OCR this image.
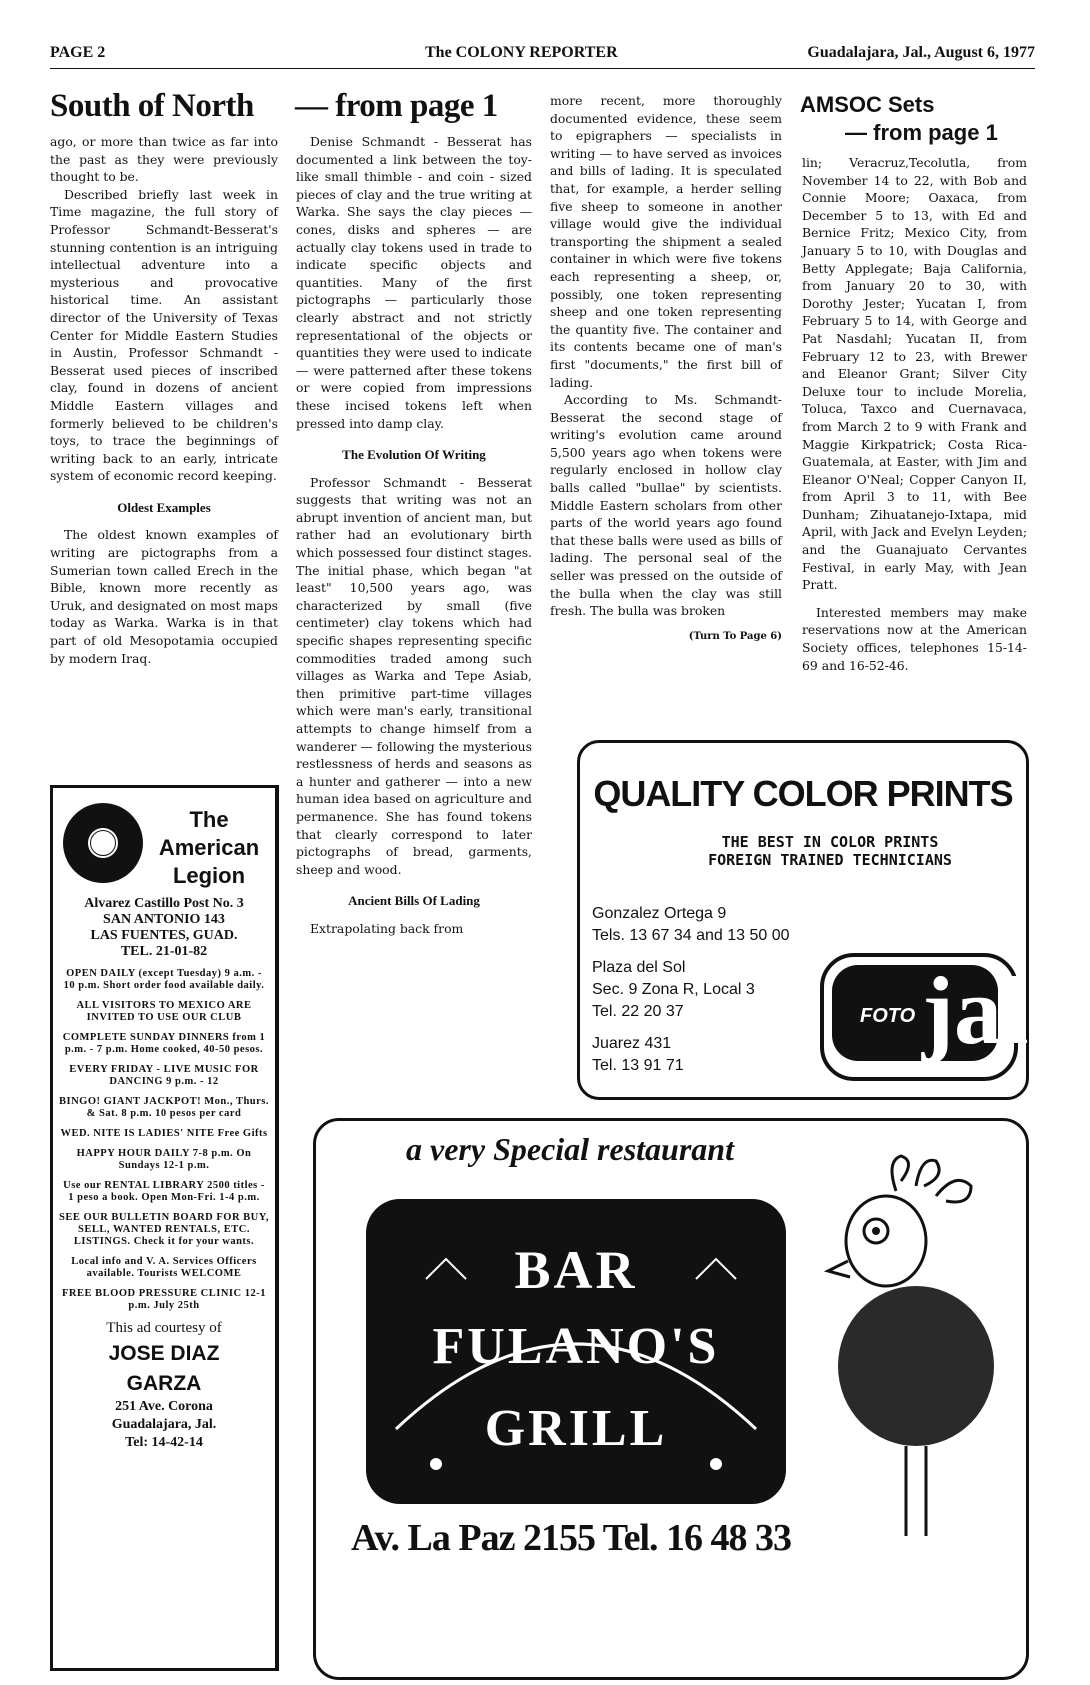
PAGE 2	The COLONY REPORTER	Guadalajara, Jal., August 6, 1977
South of North — from page 1

ago, or more than twice as far into the past as they were previously thought to be.

Described briefly last week in Time magazine, the full story of Professor Schmandt-Besserat's stunning contention is an intriguing intellectual adventure into a mysterious and provocative historical time. An assistant director of the University of Texas Center for Middle Eastern Studies in Austin, Professor Schmandt - Besserat used pieces of inscribed clay, found in dozens of ancient Middle Eastern villages and formerly believed to be children's toys, to trace the beginnings of writing back to an early, intricate system of economic record keeping.

Oldest Examples

The oldest known examples of writing are pictographs from a Sumerian town called Erech in the Bible, known more recently as Uruk, and designated on most maps today as Warka. Warka is in that part of old Mesopotamia occupied by modern Iraq.

Denise Schmandt - Besserat has documented a link between the toy-like small thimble - and coin - sized pieces of clay and the true writing at Warka. She says the clay pieces — cones, disks and spheres — are actually clay tokens used in trade to indicate specific objects and quantities. Many of the first pictographs — particularly those clearly abstract and not strictly representational of the objects or quantities they were used to indicate — were patterned after these tokens or were copied from impressions these incised tokens left when pressed into damp clay.

The Evolution Of Writing

Professor Schmandt - Besserat suggests that writing was not an abrupt invention of ancient man, but rather had an evolutionary birth which possessed four distinct stages. The initial phase, which began "at least" 10,500 years ago, was characterized by small (five centimeter) clay tokens which had specific shapes representing specific commodities traded among such villages as Warka and Tepe Asiab, then primitive part-time villages which were man's early, transitional attempts to change himself from a wanderer — following the mysterious restlessness of herds and seasons as a hunter and gatherer — into a new human idea based on agriculture and permanence. She has found tokens that clearly correspond to later pictographs of bread, garments, sheep and wood.

Ancient Bills Of Lading

Extrapolating back from

more recent, more thoroughly documented evidence, these seem to epigraphers — specialists in writing — to have served as invoices and bills of lading. It is speculated that, for example, a herder selling five sheep to someone in another village would give the individual transporting the shipment a sealed container in which were five tokens each representing a sheep, or, possibly, one token representing sheep and one token representing the quantity five. The container and its contents became one of man's first "documents," the first bill of lading.

According to Ms. Schmandt-Besserat the second stage of writing's evolution came around 5,500 years ago when tokens were regularly enclosed in hollow clay balls called "bullae" by scientists. Middle Eastern scholars from other parts of the world years ago found that these balls were used as bills of lading. The personal seal of the seller was pressed on the outside of the bulla when the clay was still fresh. The bulla was broken

(Turn To Page 6)
AMSOC Sets
— from page 1

lin; Veracruz,Tecolutla, from November 14 to 22, with Bob and Connie Moore; Oaxaca, from December 5 to 13, with Ed and Bernice Fritz; Mexico City, from January 5 to 10, with Douglas and Betty Applegate; Baja California, from January 20 to 30, with Dorothy Jester; Yucatan I, from February 5 to 14, with George and Pat Nasdahl; Yucatan II, from February 12 to 23, with Brewer and Eleanor Grant; Silver City Deluxe tour to include Morelia, Toluca, Taxco and Cuernavaca, from March 2 to 9 with Frank and Maggie Kirkpatrick; Costa Rica-Guatemala, at Easter, with Jim and Eleanor O'Neal; Copper Canyon II, from April 3 to 11, with Bee Dunham; Zihuatanejo-Ixtapa, mid April, with Jack and Evelyn Leyden; and the Guanajuato Cervantes Festival, in early May, with Jean Pratt.

Interested members may make reservations now at the American Society offices, telephones 15-14-69 and 16-52-46.

The American Legion

Alvarez Castillo Post No. 3

SAN ANTONIO 143

LAS FUENTES, GUAD.

TEL. 21-01-82

OPEN DAILY (except Tuesday) 9 a.m. - 10 p.m. Short order food available daily.

ALL VISITORS TO MEXICO ARE INVITED TO USE OUR CLUB

COMPLETE SUNDAY DINNERS from 1 p.m. - 7 p.m. Home cooked, 40-50 pesos.

EVERY FRIDAY - LIVE MUSIC FOR DANCING 9 p.m. - 12

BINGO! GIANT JACKPOT! Mon., Thurs. & Sat. 8 p.m. 10 pesos per card

WED. NITE IS LADIES' NITE Free Gifts

HAPPY HOUR DAILY 7-8 p.m. On Sundays 12-1 p.m.

Use our RENTAL LIBRARY 2500 titles - 1 peso a book. Open Mon-Fri. 1-4 p.m.

SEE OUR BULLETIN BOARD FOR BUY, SELL, WANTED RENTALS, ETC. LISTINGS. Check it for your wants.

Local info and V. A. Services Officers available. Tourists WELCOME

FREE BLOOD PRESSURE CLINIC 12-1 p.m. July 25th

This ad courtesy of

JOSE DIAZ

GARZA

251 Ave. Corona

Guadalajara, Jal.

Tel: 14-42-14

QUALITY COLOR PRINTS
THE BEST IN COLOR PRINTS
FOREIGN TRAINED TECHNICIANS
Gonzalez Ortega 9
Tels. 13 67 34 and 13 50 00
Plaza del Sol
Sec. 9 Zona R, Local 3
Tel. 22 20 37
Juarez 431
Tel. 13 91 71
FOTO jal
a very Special restaurant
BAR
FULANO'S
GRILL
Av. La Paz 2155 Tel. 16 48 33
